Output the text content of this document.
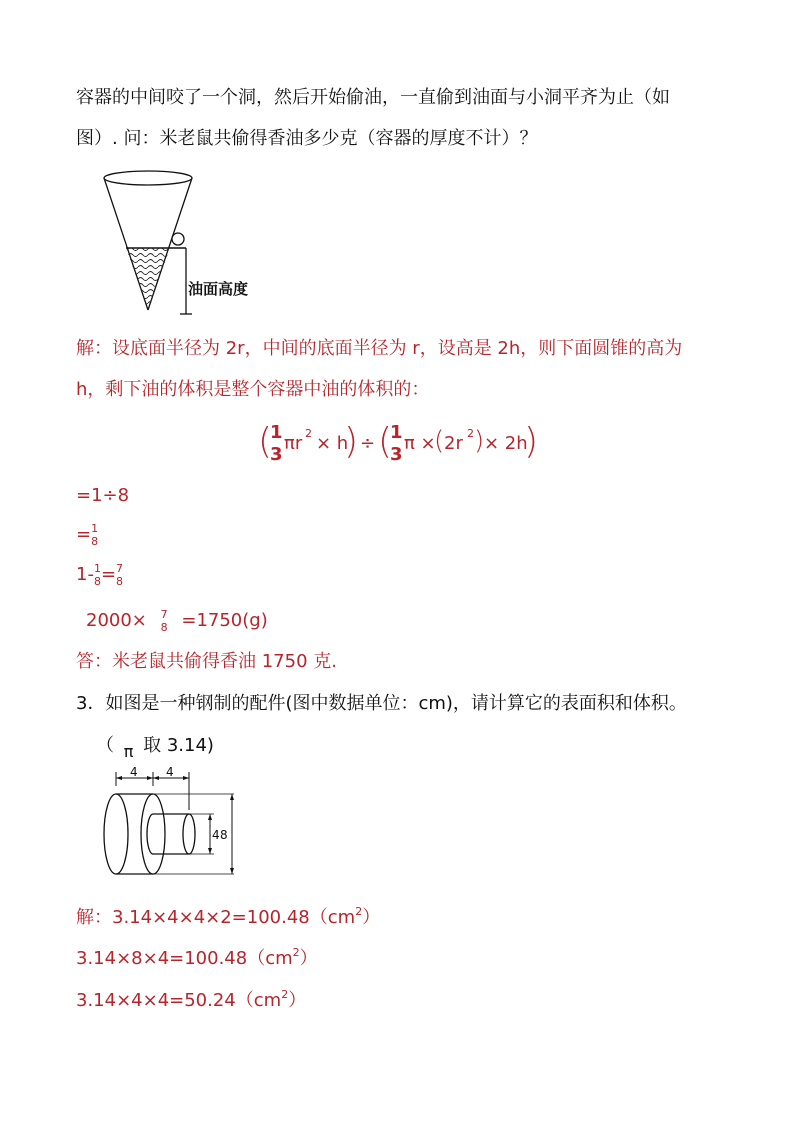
容器的中间咬了一个洞，然后开始偷油，一直偷到油面与小洞平齐为止（如
图）. 问：米老鼠共偷得香油多少克（容器的厚度不计）？
油面高度
解：设底面半径为 2r，中间的底面半径为 r，设高是 2h，则下面圆锥的高为
h，剩下油的体积是整个容器中油的体积的：
(
1
3
πr 2 × h
) ÷ (
1
3
π ×
( 2r 2 ) × 2h
)
=1÷8
= 1
8
1- 1
8 = 7
8
2000× 7
8 =1750(g)
答：米老鼠共偷得香油 1750 克.
3．如图是一种钢制的配件(图中数据单位：cm)，请计算它的表面积和体积。
（ π 取 3.14)
4 4
4 8
解：$3.14\times 4\times 4\times 2=100.48(cm^2)$
$3.14\times 8\times 4=100.48(cm^2)$
$3.14\times 4\times 4=50.24(cm^2)$
